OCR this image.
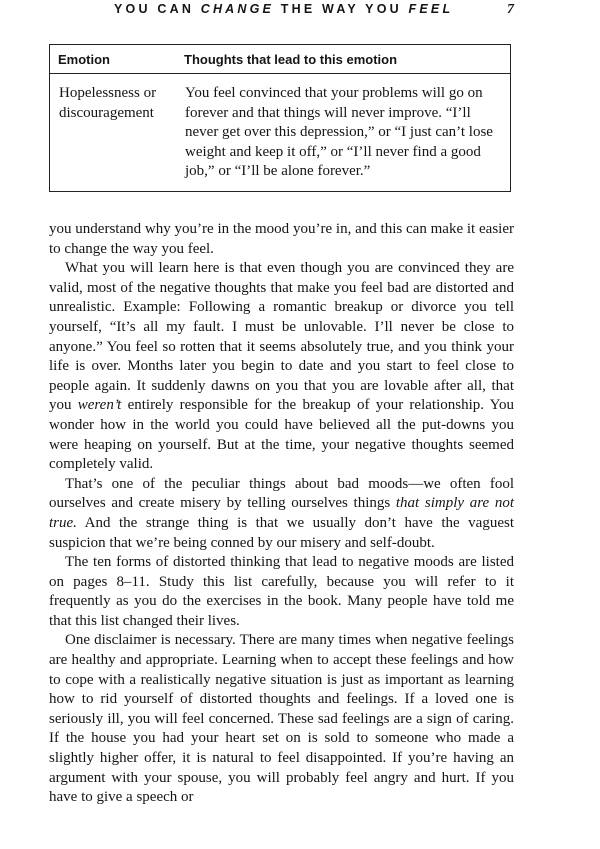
YOU CAN CHANGE THE WAY YOU FEEL	7
Emotion	Thoughts that lead to this emotion
Hopelessness or discouragement
You feel convinced that your problems will go on forever and that things will never improve. “I’ll never get over this depression,” or “I just can’t lose weight and keep it off,” or “I’ll never find a good job,” or “I’ll be alone forever.”

you understand why you’re in the mood you’re in, and this can make it easier to change the way you feel.

What you will learn here is that even though you are convinced they are valid, most of the negative thoughts that make you feel bad are distorted and unrealistic. Example: Following a romantic breakup or divorce you tell yourself, “It’s all my fault. I must be unlovable. I’ll never be close to anyone.” You feel so rotten that it seems absolutely true, and you think your life is over. Months later you begin to date and you start to feel close to people again. It suddenly dawns on you that you are lovable after all, that you weren’t entirely responsible for the breakup of your relationship. You wonder how in the world you could have believed all the put-downs you were heaping on yourself. But at the time, your negative thoughts seemed completely valid.

That’s one of the peculiar things about bad moods—we often fool ourselves and create misery by telling ourselves things that simply are not true. And the strange thing is that we usually don’t have the vaguest suspicion that we’re being conned by our misery and self-doubt.

The ten forms of distorted thinking that lead to negative moods are listed on pages 8–11. Study this list carefully, because you will refer to it frequently as you do the exercises in the book. Many people have told me that this list changed their lives.

One disclaimer is necessary. There are many times when negative feelings are healthy and appropriate. Learning when to accept these feelings and how to cope with a realistically negative situation is just as important as learning how to rid yourself of distorted thoughts and feelings. If a loved one is seriously ill, you will feel concerned. These sad feelings are a sign of caring. If the house you had your heart set on is sold to someone who made a slightly higher offer, it is natural to feel disappointed. If you’re having an argument with your spouse, you will probably feel angry and hurt. If you have to give a speech or
